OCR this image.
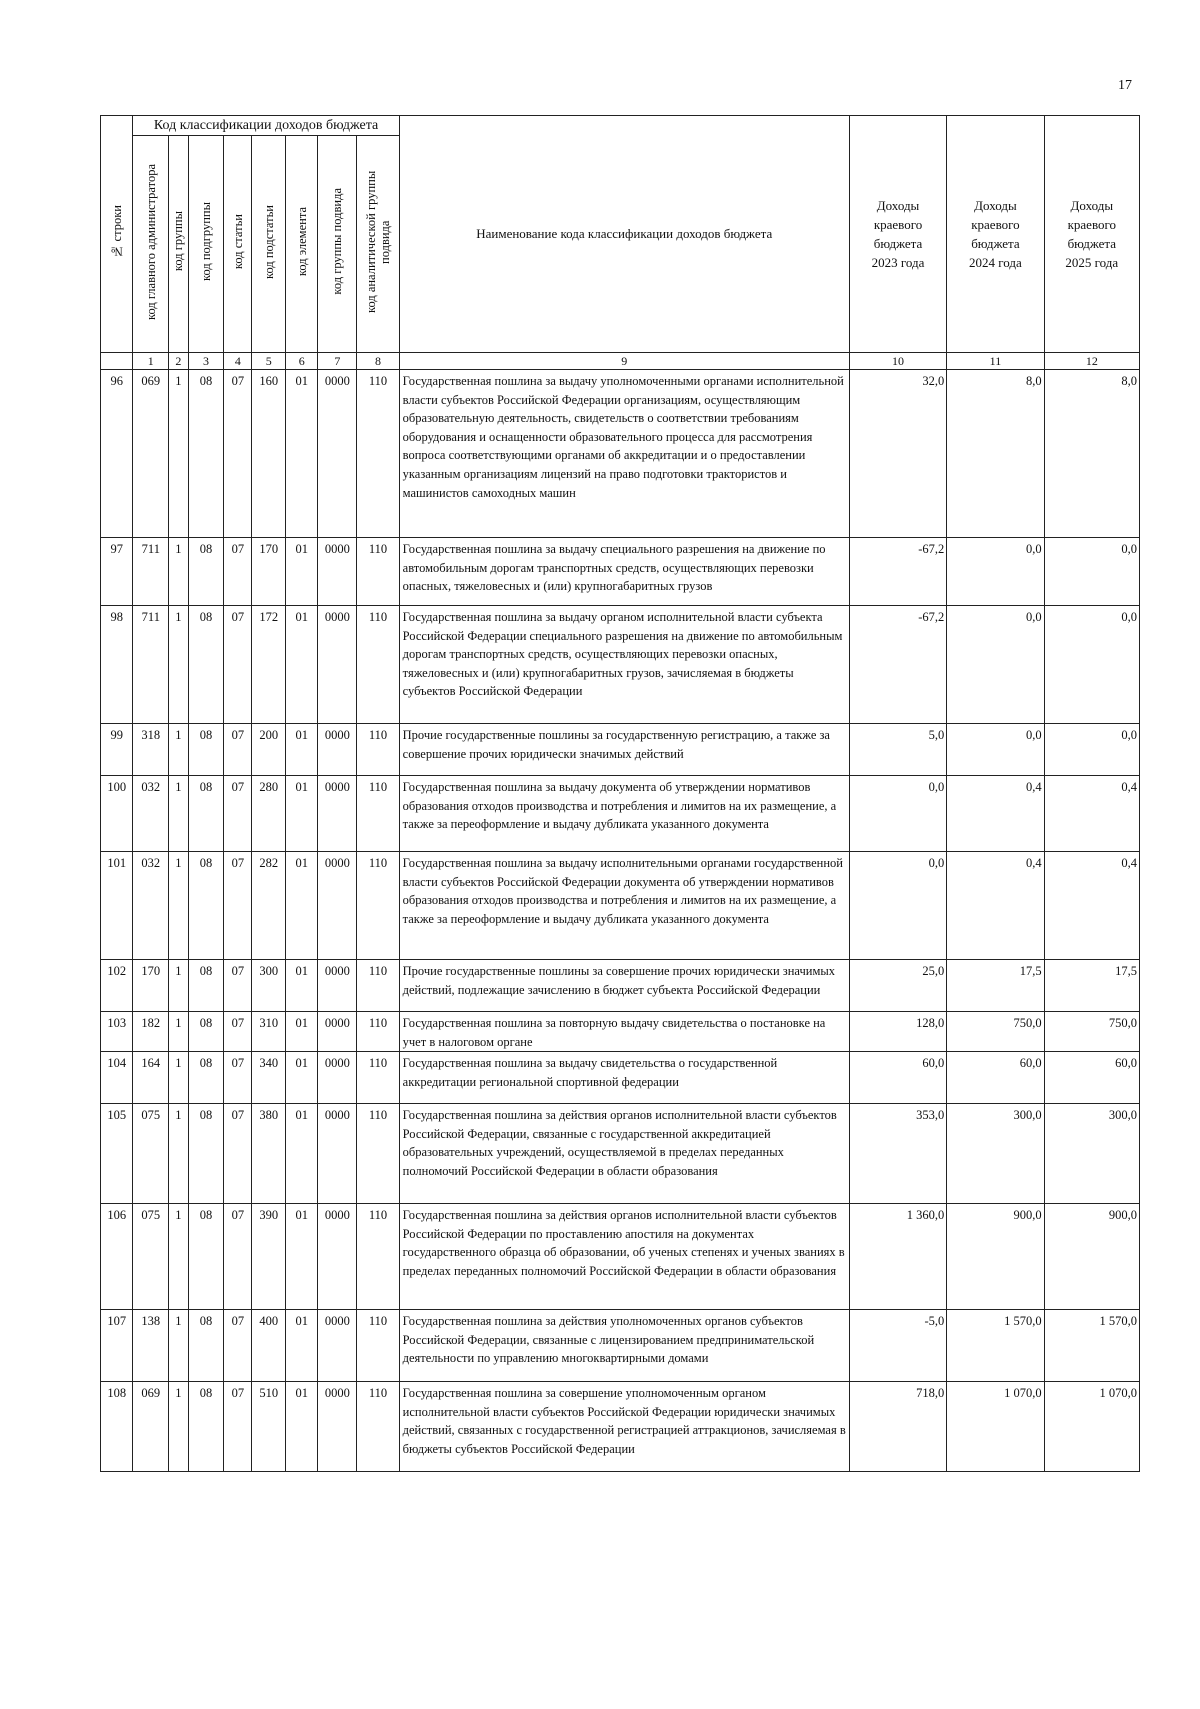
17
№ строки	Код классификации доходов бюджета								Наименование кода классификации доходов бюджета	Доходы
краевого
бюджета
2023 года	Доходы
краевого
бюджета
2024 года	Доходы
краевого
бюджета
2025 года

	код главного администратора	код группы	код подгруппы	код статьи	код подстатьи	код элемента	код группы подвида	код аналитической группы подвида				
	1	2	3	4	5	6	7	8	9	10	11	12
96	069	1	08	07	160	01	0000	110	Государственная пошлина за выдачу уполномоченными органами исполнительной власти субъектов Российской Федерации организациям, осуществляющим образовательную деятельность, свидетельств о соответствии требованиям оборудования и оснащенности образовательного процесса для рассмотрения вопроса соответствующими органами об аккредитации и о предоставлении указанным организациям лицензий на право подготовки трактористов и машинистов самоходных машин	32,0	8,0	8,0
97	711	1	08	07	170	01	0000	110	Государственная пошлина за выдачу специального разрешения на движение по автомобильным дорогам транспортных средств, осуществляющих перевозки опасных, тяжеловесных и (или) крупногабаритных грузов	-67,2	0,0	0,0
98	711	1	08	07	172	01	0000	110	Государственная пошлина за выдачу органом исполнительной власти субъекта Российской Федерации специального разрешения на движение по автомобильным дорогам транспортных средств, осуществляющих перевозки опасных, тяжеловесных и (или) крупногабаритных грузов, зачисляемая в бюджеты субъектов Российской Федерации	-67,2	0,0	0,0
99	318	1	08	07	200	01	0000	110	Прочие государственные пошлины за государственную регистрацию, а также за совершение прочих юридически значимых действий	5,0	0,0	0,0
100	032	1	08	07	280	01	0000	110	Государственная пошлина за выдачу документа об утверждении нормативов образования отходов производства и потребления и лимитов на их размещение, а также за переоформление и выдачу дубликата указанного документа	0,0	0,4	0,4
101	032	1	08	07	282	01	0000	110	Государственная пошлина за выдачу исполнительными органами государственной власти субъектов Российской Федерации документа об утверждении нормативов образования отходов производства и потребления и лимитов на их размещение, а также за переоформление и выдачу дубликата указанного документа	0,0	0,4	0,4
102	170	1	08	07	300	01	0000	110	Прочие государственные пошлины за совершение прочих юридически значимых действий, подлежащие зачислению в бюджет субъекта Российской Федерации	25,0	17,5	17,5
103	182	1	08	07	310	01	0000	110	Государственная пошлина за повторную выдачу свидетельства о постановке на учет в налоговом органе	128,0	750,0	750,0
104	164	1	08	07	340	01	0000	110	Государственная пошлина за выдачу свидетельства о государственной аккредитации региональной спортивной федерации	60,0	60,0	60,0
105	075	1	08	07	380	01	0000	110	Государственная пошлина за действия органов исполнительной власти субъектов Российской Федерации, связанные с государственной аккредитацией образовательных учреждений, осуществляемой в пределах переданных полномочий Российской Федерации в области образования	353,0	300,0	300,0
106	075	1	08	07	390	01	0000	110	Государственная пошлина за действия органов исполнительной власти субъектов Российской Федерации по проставлению апостиля на документах государственного образца об образовании, об ученых степенях и ученых званиях в пределах переданных полномочий Российской Федерации в области образования	1 360,0	900,0	900,0
107	138	1	08	07	400	01	0000	110	Государственная пошлина за действия уполномоченных органов субъектов Российской Федерации, связанные с лицензированием предпринимательской деятельности по управлению многоквартирными домами	-5,0	1 570,0	1 570,0
108	069	1	08	07	510	01	0000	110	Государственная пошлина за совершение уполномоченным органом исполнительной власти субъектов Российской Федерации юридически значимых действий, связанных с государственной регистрацией аттракционов, зачисляемая в бюджеты субъектов Российской Федерации	718,0	1 070,0	1 070,0
